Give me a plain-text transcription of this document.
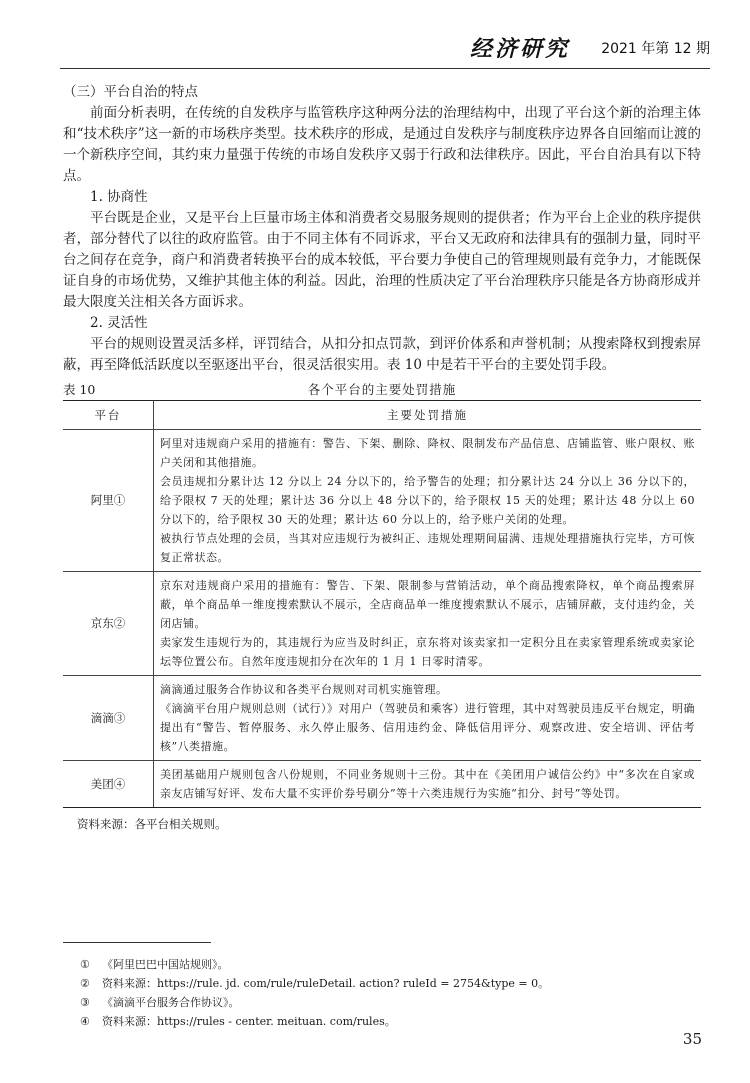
经济研究 2021 年第 12 期

（三）平台自治的特点

前面分析表明，在传统的自发秩序与监管秩序这种两分法的治理结构中，出现了平台这个新的治理主体和“技术秩序”这一新的市场秩序类型。技术秩序的形成，是通过自发秩序与制度秩序边界各自回缩而让渡的一个新秩序空间，其约束力量强于传统的市场自发秩序又弱于行政和法律秩序。因此，平台自治具有以下特点。

1. 协商性

平台既是企业，又是平台上巨量市场主体和消费者交易服务规则的提供者；作为平台上企业的秩序提供者，部分替代了以往的政府监管。由于不同主体有不同诉求，平台又无政府和法律具有的强制力量，同时平台之间存在竞争，商户和消费者转换平台的成本较低，平台要力争使自己的管理规则最有竞争力，才能既保证自身的市场优势，又维护其他主体的利益。因此，治理的性质决定了平台治理秩序只能是各方协商形成并最大限度关注相关各方面诉求。

2. 灵活性

平台的规则设置灵活多样，评罚结合，从扣分扣点罚款，到评价体系和声誉机制；从搜索降权到搜索屏蔽，再至降低活跃度以至驱逐出平台，很灵活很实用。表 10 中是若干平台的主要处罚手段。

表 10	各个平台的主要处罚措施
平台	主要处罚措施
阿里①	阿里对违规商户采用的措施有：警告、下架、删除、降权、限制发布产品信息、店铺监管、账户限权、账户关闭和其他措施。

会员违规扣分累计达 12 分以上 24 分以下的，给予警告的处理；扣分累计达 24 分以上 36 分以下的，给予限权 7 天的处理；累计达 36 分以上 48 分以下的，给予限权 15 天的处理；累计达 48 分以上 60 分以下的，给予限权 30 天的处理；累计达 60 分以上的，给予账户关闭的处理。

被执行节点处理的会员，当其对应违规行为被纠正、违规处理期间届满、违规处理措施执行完毕，方可恢复正常状态。

京东②	京东对违规商户采用的措施有：警告、下架、限制参与营销活动，单个商品搜索降权，单个商品搜索屏蔽，单个商品单一维度搜索默认不展示，全店商品单一维度搜索默认不展示，店铺屏蔽，支付违约金，关闭店铺。

卖家发生违规行为的，其违规行为应当及时纠正，京东将对该卖家扣一定积分且在卖家管理系统或卖家论坛等位置公布。自然年度违规扣分在次年的 1 月 1 日零时清零。

滴滴③	滴滴通过服务合作协议和各类平台规则对司机实施管理。

《滴滴平台用户规则总则（试行）》对用户（驾驶员和乘客）进行管理，其中对驾驶员违反平台规定，明确提出有“警告、暂停服务、永久停止服务、信用违约金、降低信用评分、观察改进、安全培训、评估考核”八类措施。

美团④	美团基础用户规则包含八份规则，不同业务规则十三份。其中在《美团用户诚信公约》中“多次在自家或亲友店铺写好评、发布大量不实评价券号刷分”等十六类违规行为实施“扣分、封号”等处罚。

资料来源：各平台相关规则。

① 《阿里巴巴中国站规则》。

② 资料来源：https://rule. jd. com/rule/ruleDetail. action? ruleId = 2754&type = 0。

③ 《滴滴平台服务合作协议》。

④ 资料来源：https://rules - center. meituan. com/rules。

35
